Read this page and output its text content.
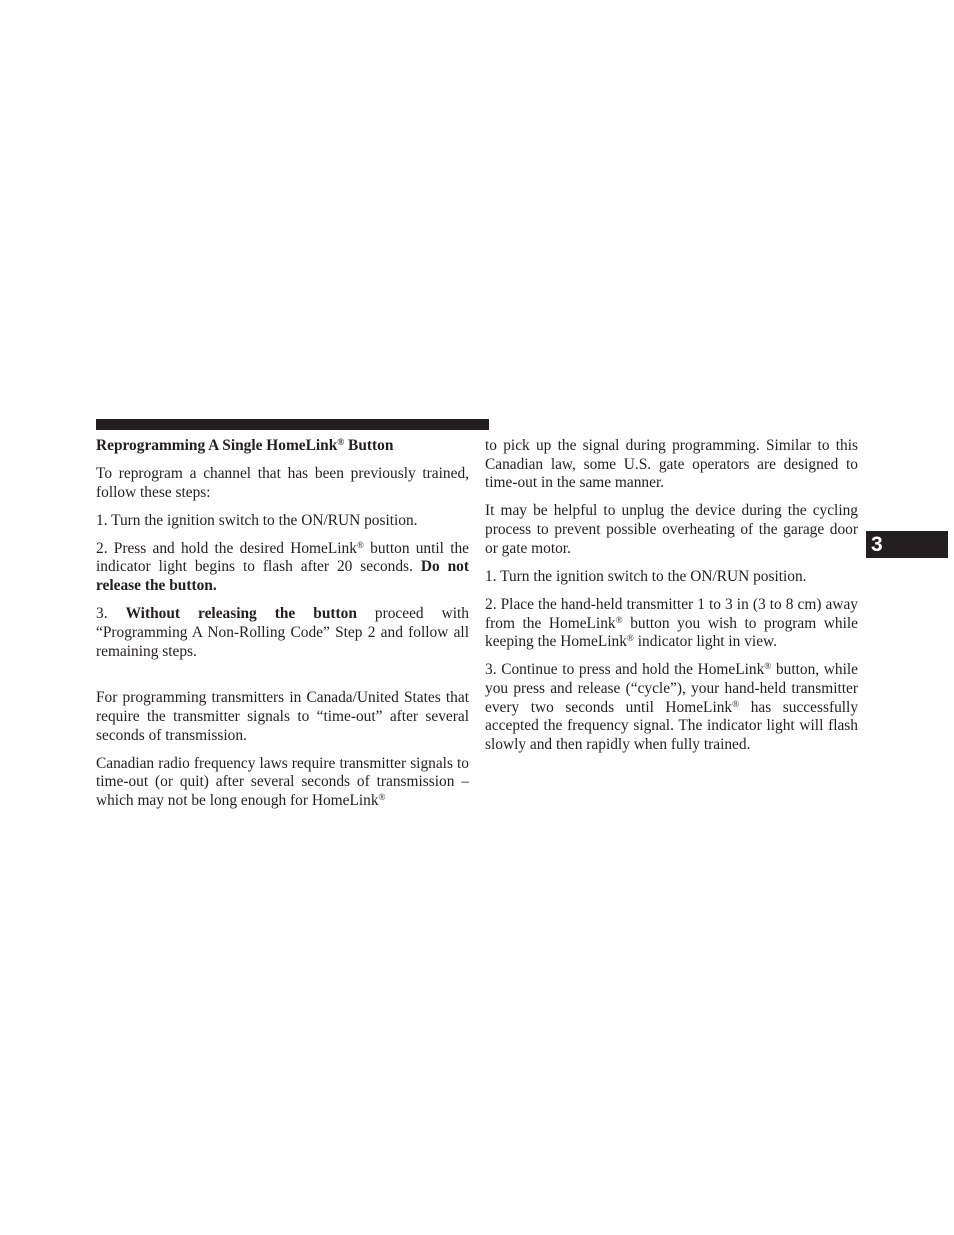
Reprogramming A Single HomeLink® Button

To reprogram a channel that has been previously trained, follow these steps:

1. Turn the ignition switch to the ON/RUN position.

2. Press and hold the desired HomeLink® button until the indicator light begins to flash after 20 seconds. Do not release the button.

3. Without releasing the button proceed with “Programming A Non-Rolling Code” Step 2 and follow all remaining steps.

For programming transmitters in Canada/United States that require the transmitter signals to “time-out” after several seconds of transmission.

Canadian radio frequency laws require transmitter signals to time-out (or quit) after several seconds of transmission – which may not be long enough for HomeLink®

to pick up the signal during programming. Similar to this Canadian law, some U.S. gate operators are designed to time-out in the same manner.

It may be helpful to unplug the device during the cycling process to prevent possible overheating of the garage door or gate motor.

1. Turn the ignition switch to the ON/RUN position.

2. Place the hand-held transmitter 1 to 3 in (3 to 8 cm) away from the HomeLink® button you wish to program while keeping the HomeLink® indicator light in view.

3. Continue to press and hold the HomeLink® button, while you press and release (“cycle”), your hand-held transmitter every two seconds until HomeLink® has successfully accepted the frequency signal. The indicator light will flash slowly and then rapidly when fully trained.

3
